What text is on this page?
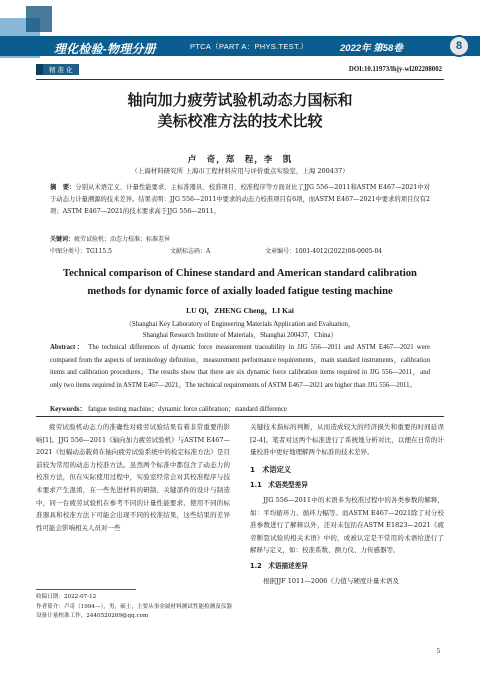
理化检验-物理分册	PTCA（PART A：PHYS.TEST.）	2022年 第58卷	8
精 准 化	DOI:10.11973/lhjy-wl202208002
轴向加力疲劳试验机动态力国标和
美标校准方法的技术比较
卢　奇，郑　程，李　凯
（上海材料研究所 上海市工程材料应用与评价重点实验室，上海 200437）
摘　要：分别从术语定义、计量性能要求、主标准器具、校准项目、校准程序等方面对比了JJG 556—2011和ASTM E467—2021中对于动态力计量溯源的技术差异。结果表明：JJG 556—2011中要求的动态力校准项目有6项，而ASTM E467—2021中要求的项目仅有2项；ASTM E467—2021的技术要求高于JJG 556—2011。
关键词：疲劳试验机；动态力校准；标准差异
中图分类号：TG115.5	文献标志码：A	文章编号：1001-4012(2022)08-0005-04
Technical comparison of Chinese standard and American standard calibration
methods for dynamic force of axially loaded fatigue testing machine
LU Qi，ZHENG Cheng，LI Kai
（Shanghai Key Laboratory of Engineering Materials Application and Evaluation，
Shanghai Research Institute of Materials，Shanghai 200437，China）
Abstract： The technical differences of dynamic force measurement traceability in JJG 556—2011 and ASTM E467—2021 were compared from the aspects of terminology definition，measurement performance requirements，main standard instruments，calibration items and calibration procedures。The results show that there are six dynamic force calibration items required in JJG 556—2011，and only two items required in ASTM E467—2021。The technical requirements of ASTM E467—2021 are higher than JJG 556—2011。
Keywords： fatigue testing machine；dynamic force calibration；standard difference

疲劳试验机动态力的准确性对疲劳试验结果有着非常重要的影响[1]。JJG 556—2011《轴向加力疲劳试验机》与ASTM E467—2021《恒幅动态载荷在轴向疲劳试验系统中的检定标准方法》是目前较为常用的动态力校准方法。虽然两个标准中都包含了动态力的校准方法，但在实际使用过程中，实验室经常会对其校准程序与技术要求产生混淆，在一些先进材料的研制、关键部件的设计与制造中，同一台疲劳试验机在参考不同的计量性能要求、使用不同的标准器具和校准方法下可能会出现不同的校准结果，这些结果的差异性可能会影响相关人员对一些

关键技术指标的判断，从而造成较大的经济损失和重要的时间延误[2-4]。笔者对这两个标准进行了系统地分析对比，以便在日常的计量校准中更好地理解两个标准的技术差异。

1　术语定义
1.1　术语类型差异

JJG 556—2011中的术语多为校准过程中的各类参数的解释，如：平均循环力、循环力幅等。而ASTM E467—2021除了对分校准参数进行了解释以外，还对未包括在ASTM E1823—2021《疲劳断裂试验的相关术语》中的，或被认定是不常用的术语给进行了解释与定义，如：校准系数、测力仪、力传感器等。

1.2　术语描述差异

根据JJF 1011—2006《力值与硬度计量术语及

收稿日期：2022-07-12
作者简介：卢奇（1994—），男，硕士，主要从事金属材料测试性能检测及仪器设备计量校准工作，2440520269@qq.com
5
